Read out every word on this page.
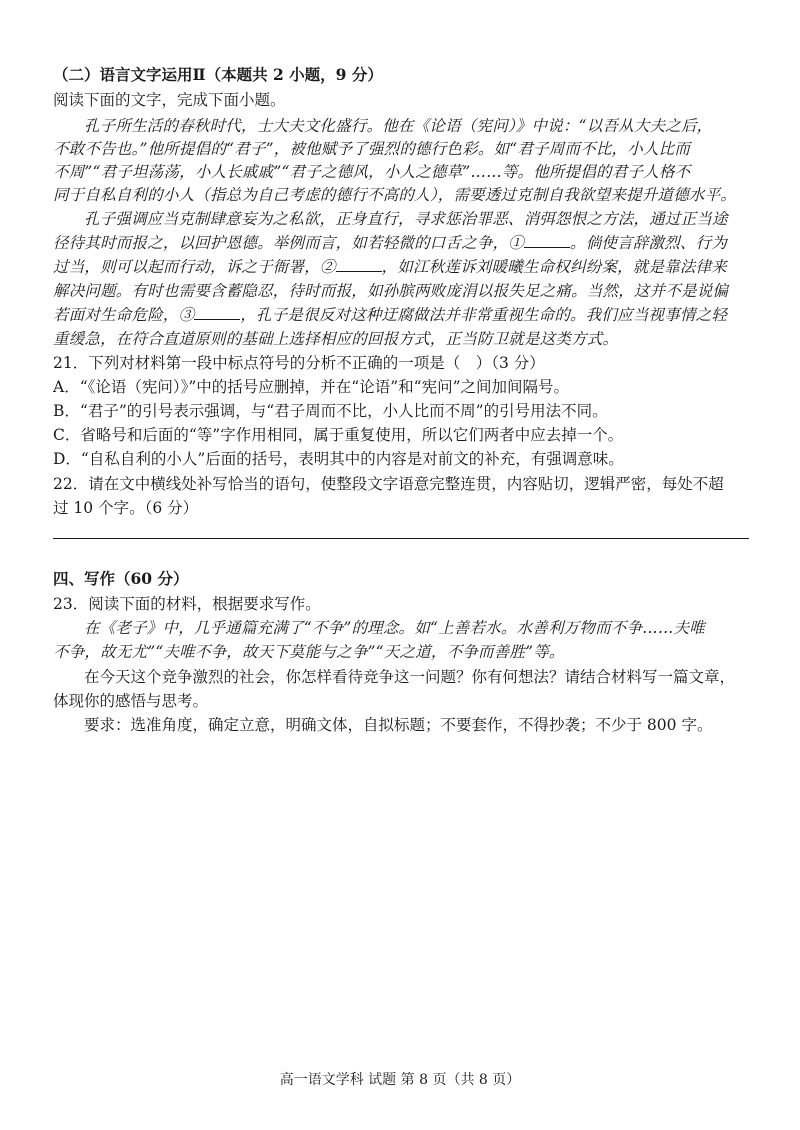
（二）语言文字运用Ⅱ（本题共 2 小题，9 分）
阅读下面的文字，完成下面小题。
孔子所生活的春秋时代，士大夫文化盛行。他在《论语（宪问）》中说：“以吾从大夫之后，
不敢不告也。”他所提倡的“君子”，被他赋予了强烈的德行色彩。如“君子周而不比，小人比而
不周”“君子坦荡荡，小人长戚戚”“君子之德风，小人之德草”……等。他所提倡的君子人格不
同于自私自利的小人（指总为自己考虑的德行不高的人），需要透过克制自我欲望来提升道德水平。
孔子强调应当克制肆意妄为之私欲，正身直行，寻求惩治罪恶、消弭怨恨之方法，通过正当途
径待其时而报之，以回护恩德。举例而言，如若轻微的口舌之争，①	。倘使言辞激烈、行为
过当，则可以起而行动，诉之于衙署，②	，如江秋莲诉刘暖曦生命权纠纷案，就是靠法律来
解决问题。有时也需要含蓄隐忍，待时而报，如孙膑两败庞涓以报失足之痛。当然，这并不是说偏
若面对生命危险，③	，孔子是很反对这种迂腐做法并非常重视生命的。我们应当视事情之轻
重缓急，在符合直道原则的基础上选择相应的回报方式，正当防卫就是这类方式。
21．下列对材料第一段中标点符号的分析不正确的一项是（　）（3 分）
A．“《论语（宪问）》”中的括号应删掉，并在“论语”和“宪问”之间加间隔号。
B．“君子”的引号表示强调，与“君子周而不比，小人比而不周”的引号用法不同。
C．省略号和后面的“等”字作用相同，属于重复使用，所以它们两者中应去掉一个。
D．“自私自利的小人”后面的括号，表明其中的内容是对前文的补充，有强调意味。
22．请在文中横线处补写恰当的语句，使整段文字语意完整连贯，内容贴切，逻辑严密，每处不超
过 10 个字。（6 分）
四、写作（60 分）
23．阅读下面的材料，根据要求写作。
在《老子》中，几乎通篇充满了“不争”的理念。如“上善若水。水善利万物而不争……夫唯
不争，故无尤”“夫唯不争，故天下莫能与之争”“天之道，不争而善胜”等。
在今天这个竞争激烈的社会，你怎样看待竞争这一问题？你有何想法？请结合材料写一篇文章，
体现你的感悟与思考。
要求：选准角度，确定立意，明确文体，自拟标题；不要套作，不得抄袭；不少于 800 字。
高一语文学科 试题 第 8 页（共 8 页）
